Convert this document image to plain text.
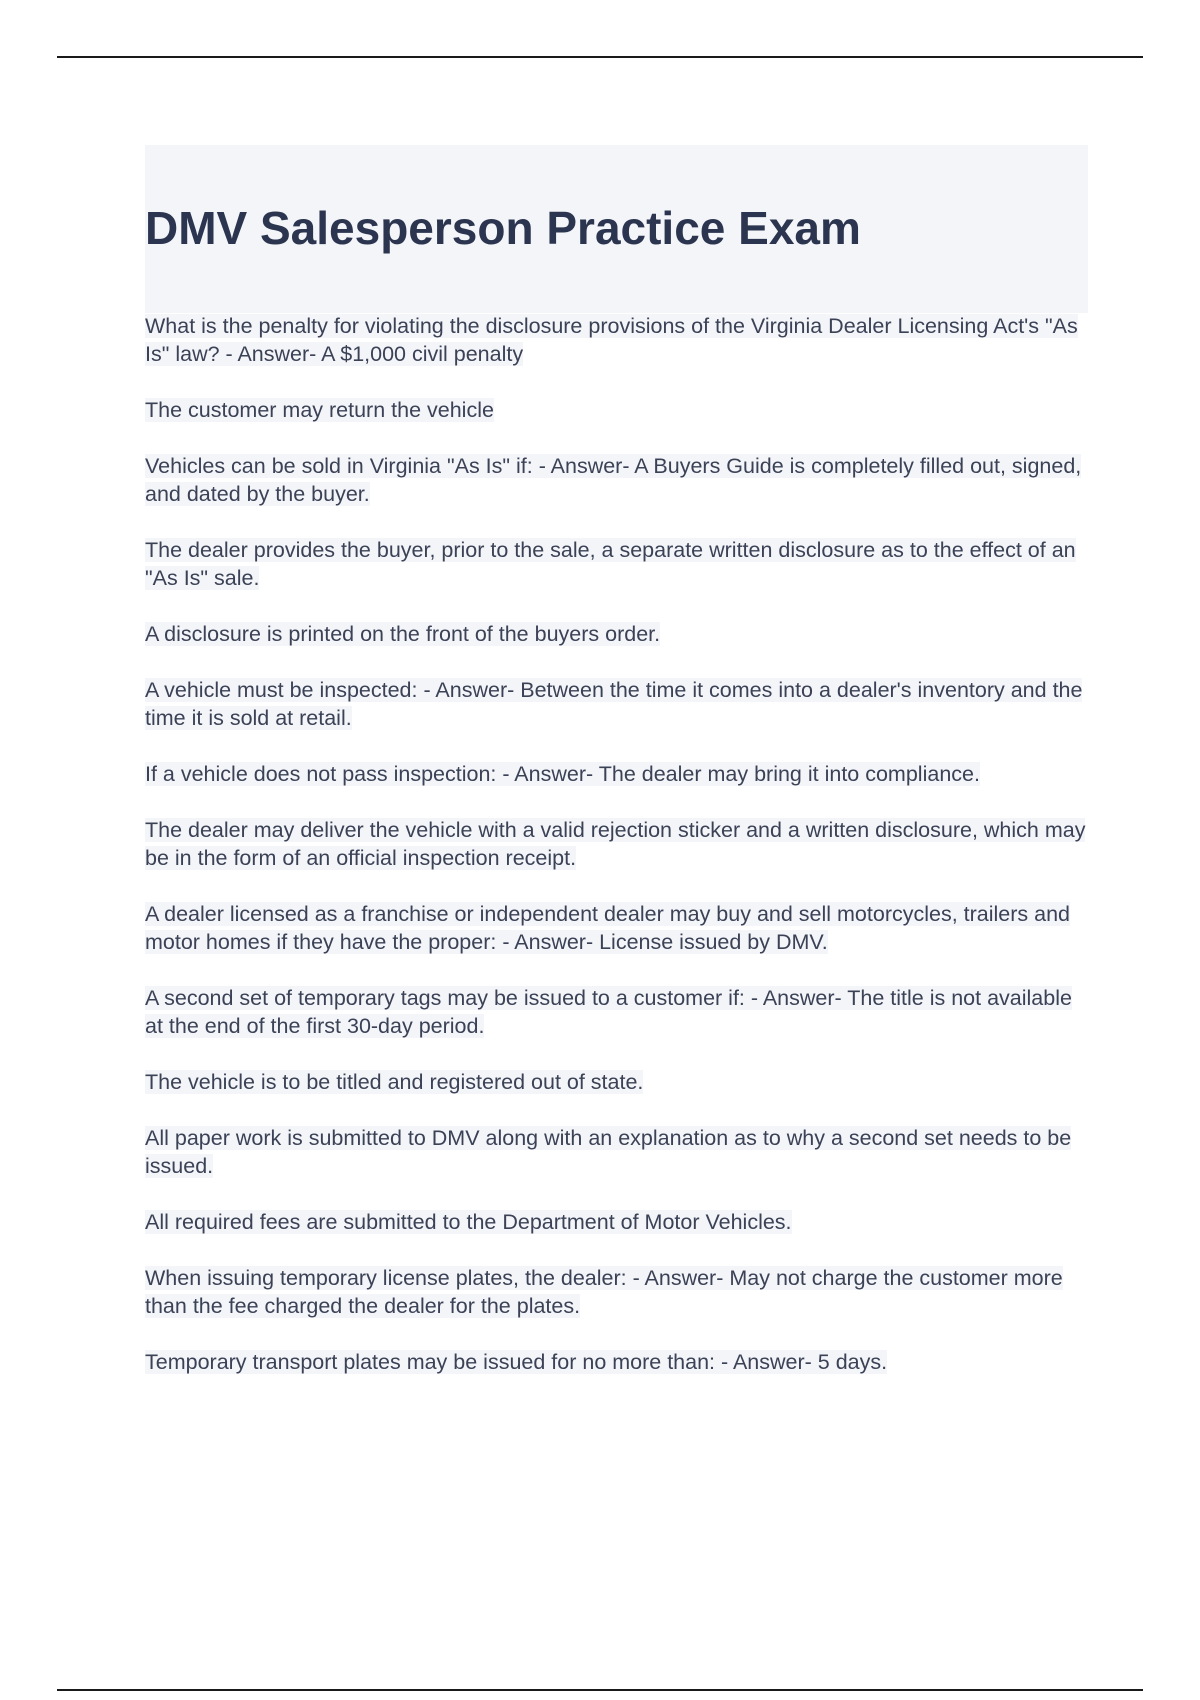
DMV Salesperson Practice Exam

What is the penalty for violating the disclosure provisions of the Virginia Dealer Licensing Act's "As Is" law? - Answer- A $1,000 civil penalty

The customer may return the vehicle

Vehicles can be sold in Virginia "As Is" if: - Answer- A Buyers Guide is completely filled out, signed, and dated by the buyer.

The dealer provides the buyer, prior to the sale, a separate written disclosure as to the effect of an "As Is" sale.

A disclosure is printed on the front of the buyers order.

A vehicle must be inspected: - Answer- Between the time it comes into a dealer's inventory and the time it is sold at retail.

If a vehicle does not pass inspection: - Answer- The dealer may bring it into compliance.

The dealer may deliver the vehicle with a valid rejection sticker and a written disclosure, which may be in the form of an official inspection receipt.

A dealer licensed as a franchise or independent dealer may buy and sell motorcycles, trailers and motor homes if they have the proper: - Answer- License issued by DMV.

A second set of temporary tags may be issued to a customer if: - Answer- The title is not available at the end of the first 30-day period.

The vehicle is to be titled and registered out of state.

All paper work is submitted to DMV along with an explanation as to why a second set needs to be issued.

All required fees are submitted to the Department of Motor Vehicles.

When issuing temporary license plates, the dealer: - Answer- May not charge the customer more than the fee charged the dealer for the plates.

Temporary transport plates may be issued for no more than: - Answer- 5 days.
